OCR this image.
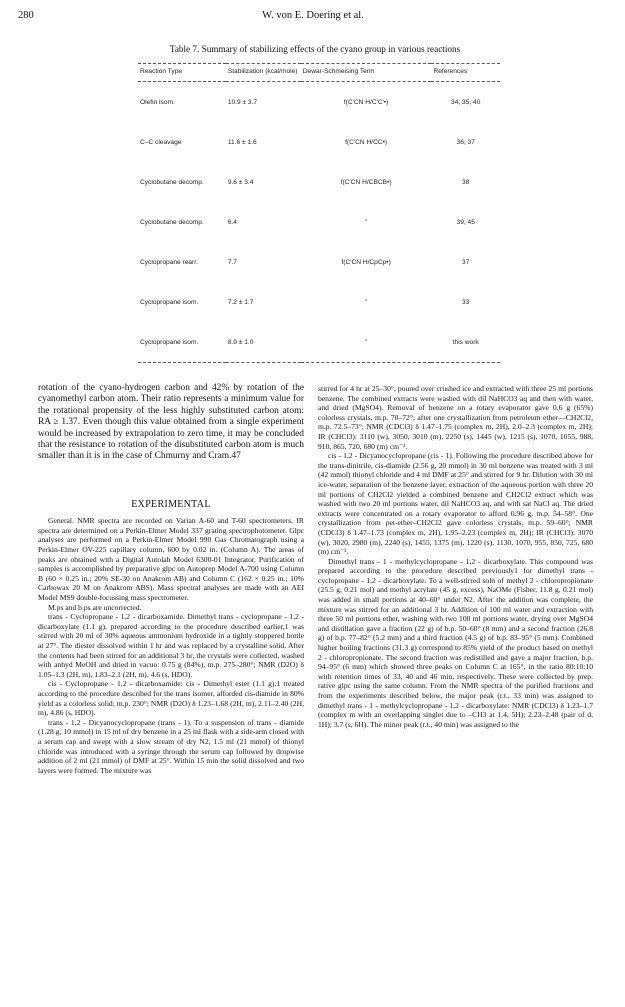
280	W. von E. Doering et al.
Table 7. Summary of stabilizing effects of the cyano group in various reactions
Reaction Type	Stabilization (kcal/mole)	Dewar-Schmeising Term	References
Olefin isom.	10.9 ± 3.7	f(C'CN H/C'C'•)	34, 35, 40
C–C cleavage	11.6 ± 1.6	f(C'CN H/CC•)	36, 37
Cyclobutane decomp.	9.6 ± 3.4	f(C'CN H/CBCB•)	38
Cyclobutane decomp.	6.4	"	39, 45
Cyclopropane rearr.	7.7	f(C'CN H/CpCp•)	37
Cyclopropane isom.	7.2 ± 1.7	"	33
Cyclopropane isom.	8.9 ± 1.0	"	this work
rotation of the cyano-hydrogen carbon and 42% by rotation of the cyanomethyl carbon atom. Their ratio represents a minimum value for the rotational propensity of the less highly substituted carbon atom: RA ≥ 1.37. Even though this value obtained from a single experiment would be increased by extrapolation to zero time, it may be concluded that the resistance to rotation of the disubstituted carbon atom is much smaller than it is in the case of Chmurny and Cram.47
EXPERIMENTAL
General. NMR spectra are recorded on Varian A-60 and T-60 spectrometers. IR spectra are determined on a Perkin-Elmer Model 337 grating spectrophotometer. Glpc analyses are performed on a Perkin-Elmer Model 990 Gas Chromatograph using a Perkin-Elmer OV-225 capillary column, 600 by 0.02 in. (Column A). The areas of peaks are obtained with a Digital Autolab Model 6300-01 Integrator. Purification of samples is accomplished by preparative glpc on Autoprep Model A-700 using Column B (60 × 0.25 in.; 20% SE-30 on Anakrom AB) and Column C (162 × 0.25 in.; 10% Carbowax 20 M on Anakrom ABS). Mass spectral analyses are made with an AEI Model MS9 double-focussing mass spectrometer.
M.ps and b.ps are uncorrected.
trans - Cyclopropane - 1,2 - dicarboxamide. Dimethyl trans - cyclopropane - 1,2 - dicarboxylate (1.1 g), prepared according to the procedure described earlier,1 was stirred with 20 ml of 30% aqueous ammonium hydroxide in a tightly stoppered bottle at 27°. The diester dissolved within 1 hr and was replaced by a crystalline solid. After the contents had been stirred for an additional 3 hr, the crystals were collected, washed with anhyd MeOH and dried in vacuo: 0.75 g (84%), m.p. 275–280°; NMR (D2O) δ 1.05–1.3 (2H, m), 1.83–2.1 (2H, m), 4.6 (s, HDO).
cis - Cyclopropane - 1,2 - dicarboxamide: cis - Dimethyl ester (1.1 g),1 treated according to the procedure described for the trans isomer, afforded cis-diamide in 80% yield as a colorless solid; m.p. 230°; NMR (D2O) δ 1.23–1.68 (2H, m), 2.11–2.40 (2H, m), 4.86 (s, HDO).
trans - 1,2 - Dicyanocyclopropane (trans - 1). To a suspension of trans - diamide (1.28 g, 10 mmol) in 15 ml of dry benzene in a 25 ml flask with a side-arm closed with a serum cap and swept with a slow stream of dry N2, 1.5 ml (21 mmol) of thionyl chloride was introduced with a syringe through the serum cap followed by dropwise addition of 2 ml (21 mmol) of DMF at 25°. Within 15 min the solid dissolved and two layers were formed. The mixture was
stirred for 4 hr at 25–30°, poured over crushed ice and extracted with three 25 ml portions benzene. The combined extracts were washed with dil NaHCO3 aq and then with water, and dried (MgSO4). Removal of benzene on a rotary evaporator gave 0.6 g (65%) colorless crystals, m.p. 70–72°; after one crystallization from petroleum ether—CH2Cl2, m.p. 72.5–73°; NMR (CDCl3) δ 1.47–1.75 (complex m, 2H), 2.0–2.3 (complex m, 2H); IR (CHCl3): 3110 (w), 3050, 3010 (m), 2250 (s), 1445 (w), 1215 (s), 1070, 1055, 988, 910, 865, 720, 680 (m) cm⁻¹.
cis - 1,2 - Dicyanocyclopropane (cis - 1). Following the procedure described above for the trans-dinitrile, cis-diamide (2.56 g, 20 mmol) in 30 ml benzene was treated with 3 ml (42 mmol) thionyl chloride and 4 ml DMF at 25° and stirred for 9 hr. Dilution with 30 ml ice-water, separation of the benzene layer, extraction of the aqueous portion with three 20 ml portions of CH2Cl2 yielded a combined benzene and CH2Cl2 extract which was washed with two 20 ml portions water, dil NaHCO3 aq, and with sat NaCl aq. The dried extracts were concentrated on a rotary evaporator to afford 0.96 g, m.p. 54–58°. One crystallization from pet-ether–CH2Cl2 gave colorless crystals, m.p. 59–60°; NMR (CDCl3) δ 1.47–1.73 (complex m, 2H), 1.95–2.23 (complex m, 2H); IR (CHCl3): 3070 (w), 3020, 2980 (m), 2240 (s), 1455, 1375 (m), 1220 (s), 1130, 1070, 955, 850, 725, 680 (m) cm⁻¹.
Dimethyl trans - 1 - methylcyclopropane - 1,2 - dicarboxylate. This compound was prepared according to the procedure described previously1 for dimethyl trans - cyclopropane - 1,2 - dicarboxylate. To a well-stirred soln of methyl 2 - chloropropionate (25.5 g, 0.21 mol) and methyl acrylate (45 g, excess), NaOMe (Fisher, 11.8 g, 0.21 mol) was added in small portions at 40–60° under N2. After the addition was complete, the mixture was stirred for an additional 3 hr. Addition of 100 ml water and extraction with three 50 ml portions ether, washing with two 100 ml portions water, drying over MgSO4 and distillation gave a fraction (22 g) of b.p. 50–60° (8 mm) and a second fraction (26.8 g) of b.p. 77–82° (5.2 mm) and a third fraction (4.5 g) of b.p. 83–95° (5 mm). Combined higher boiling fractions (31.3 g) correspond to 85% yield of the product based on methyl 2 - chloropropionate. The second fraction was redistilled and gave a major fraction, b.p. 94–95° (6 mm) which showed three peaks on Column C at 165°, in the ratio 80:10:10 with retention times of 33, 40 and 46 min, respectively. These were collected by prep. rative glpc using the same column. From the NMR spectra of the purified fractions and from the experiments described below, the major peak (r.t., 33 min) was assigned to dimethyl trans - 1 - methylcyclopropane - 1,2 - dicarboxylate: NMR (CDCl3) δ 1.23–1.7 (complex m with an overlapping singlet due to –CH3 at 1.4, 5H); 2.23–2.48 (pair of d, 1H); 3.7 (s, 6H). The minor peak (r.t., 40 min) was assigned to the
